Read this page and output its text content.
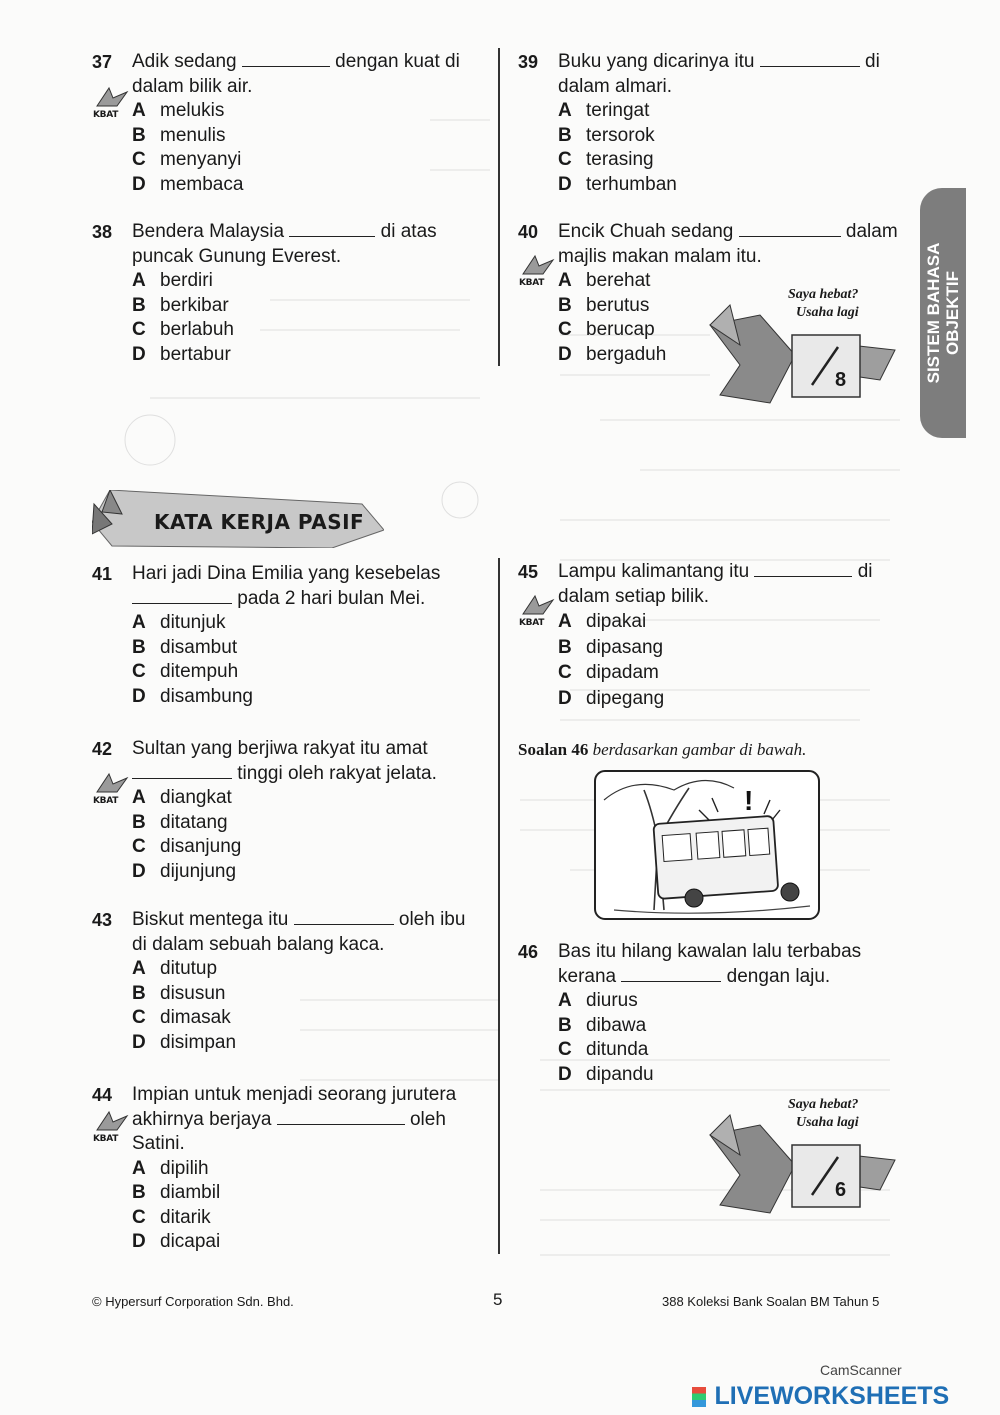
37 Adik sedang	dengan kuat di
dalam bilik air.
A melukis
B menulis
C menyanyi
D membaca
KBAT
38 Bendera Malaysia	di atas
puncak Gunung Everest.
A berdiri
B berkibar
C berlabuh
D bertabur
39 Buku yang dicarinya itu	di
dalam almari.
A teringat
B tersorok
C terasing
D terhumban
40 Encik Chuah sedang	dalam
majlis makan malam itu.
A berehat
B berutus
C berucap
D bergaduh
KBAT
Saya hebat?
Usaha lagi
8	SISTEM BAHASA OBJEKTIF
KATA KERJA PASIF
41 Hari jadi Dina Emilia yang kesebelas
pada 2 hari bulan Mei.
A ditunjuk
B disambut
C ditempuh
D disambung
42 Sultan yang berjiwa rakyat itu amat
tinggi oleh rakyat jelata.
A diangkat
B ditatang
C disanjung
D dijunjung
KBAT
43 Biskut mentega itu	oleh ibu
di dalam sebuah balang kaca.
A ditutup
B disusun
C dimasak
D disimpan
44 Impian untuk menjadi seorang jurutera
akhirnya berjaya	oleh
Satini.
A dipilih
B diambil
C ditarik
D dicapai
KBAT
45 Lampu kalimantang itu	di
dalam setiap bilik.
A dipakai
B dipasang
C dipadam
D dipegang
KBAT
Soalan 46 berdasarkan gambar di bawah.
!
46 Bas itu hilang kawalan lalu terbabas
kerana	dengan laju.
A diurus
B dibawa
C ditunda
D dipandu
Saya hebat?
Usaha lagi
6
© Hypersurf Corporation Sdn. Bhd.	5	388 Koleksi Bank Soalan BM Tahun 5
CamScanner
LIVEWORKSHEETS
